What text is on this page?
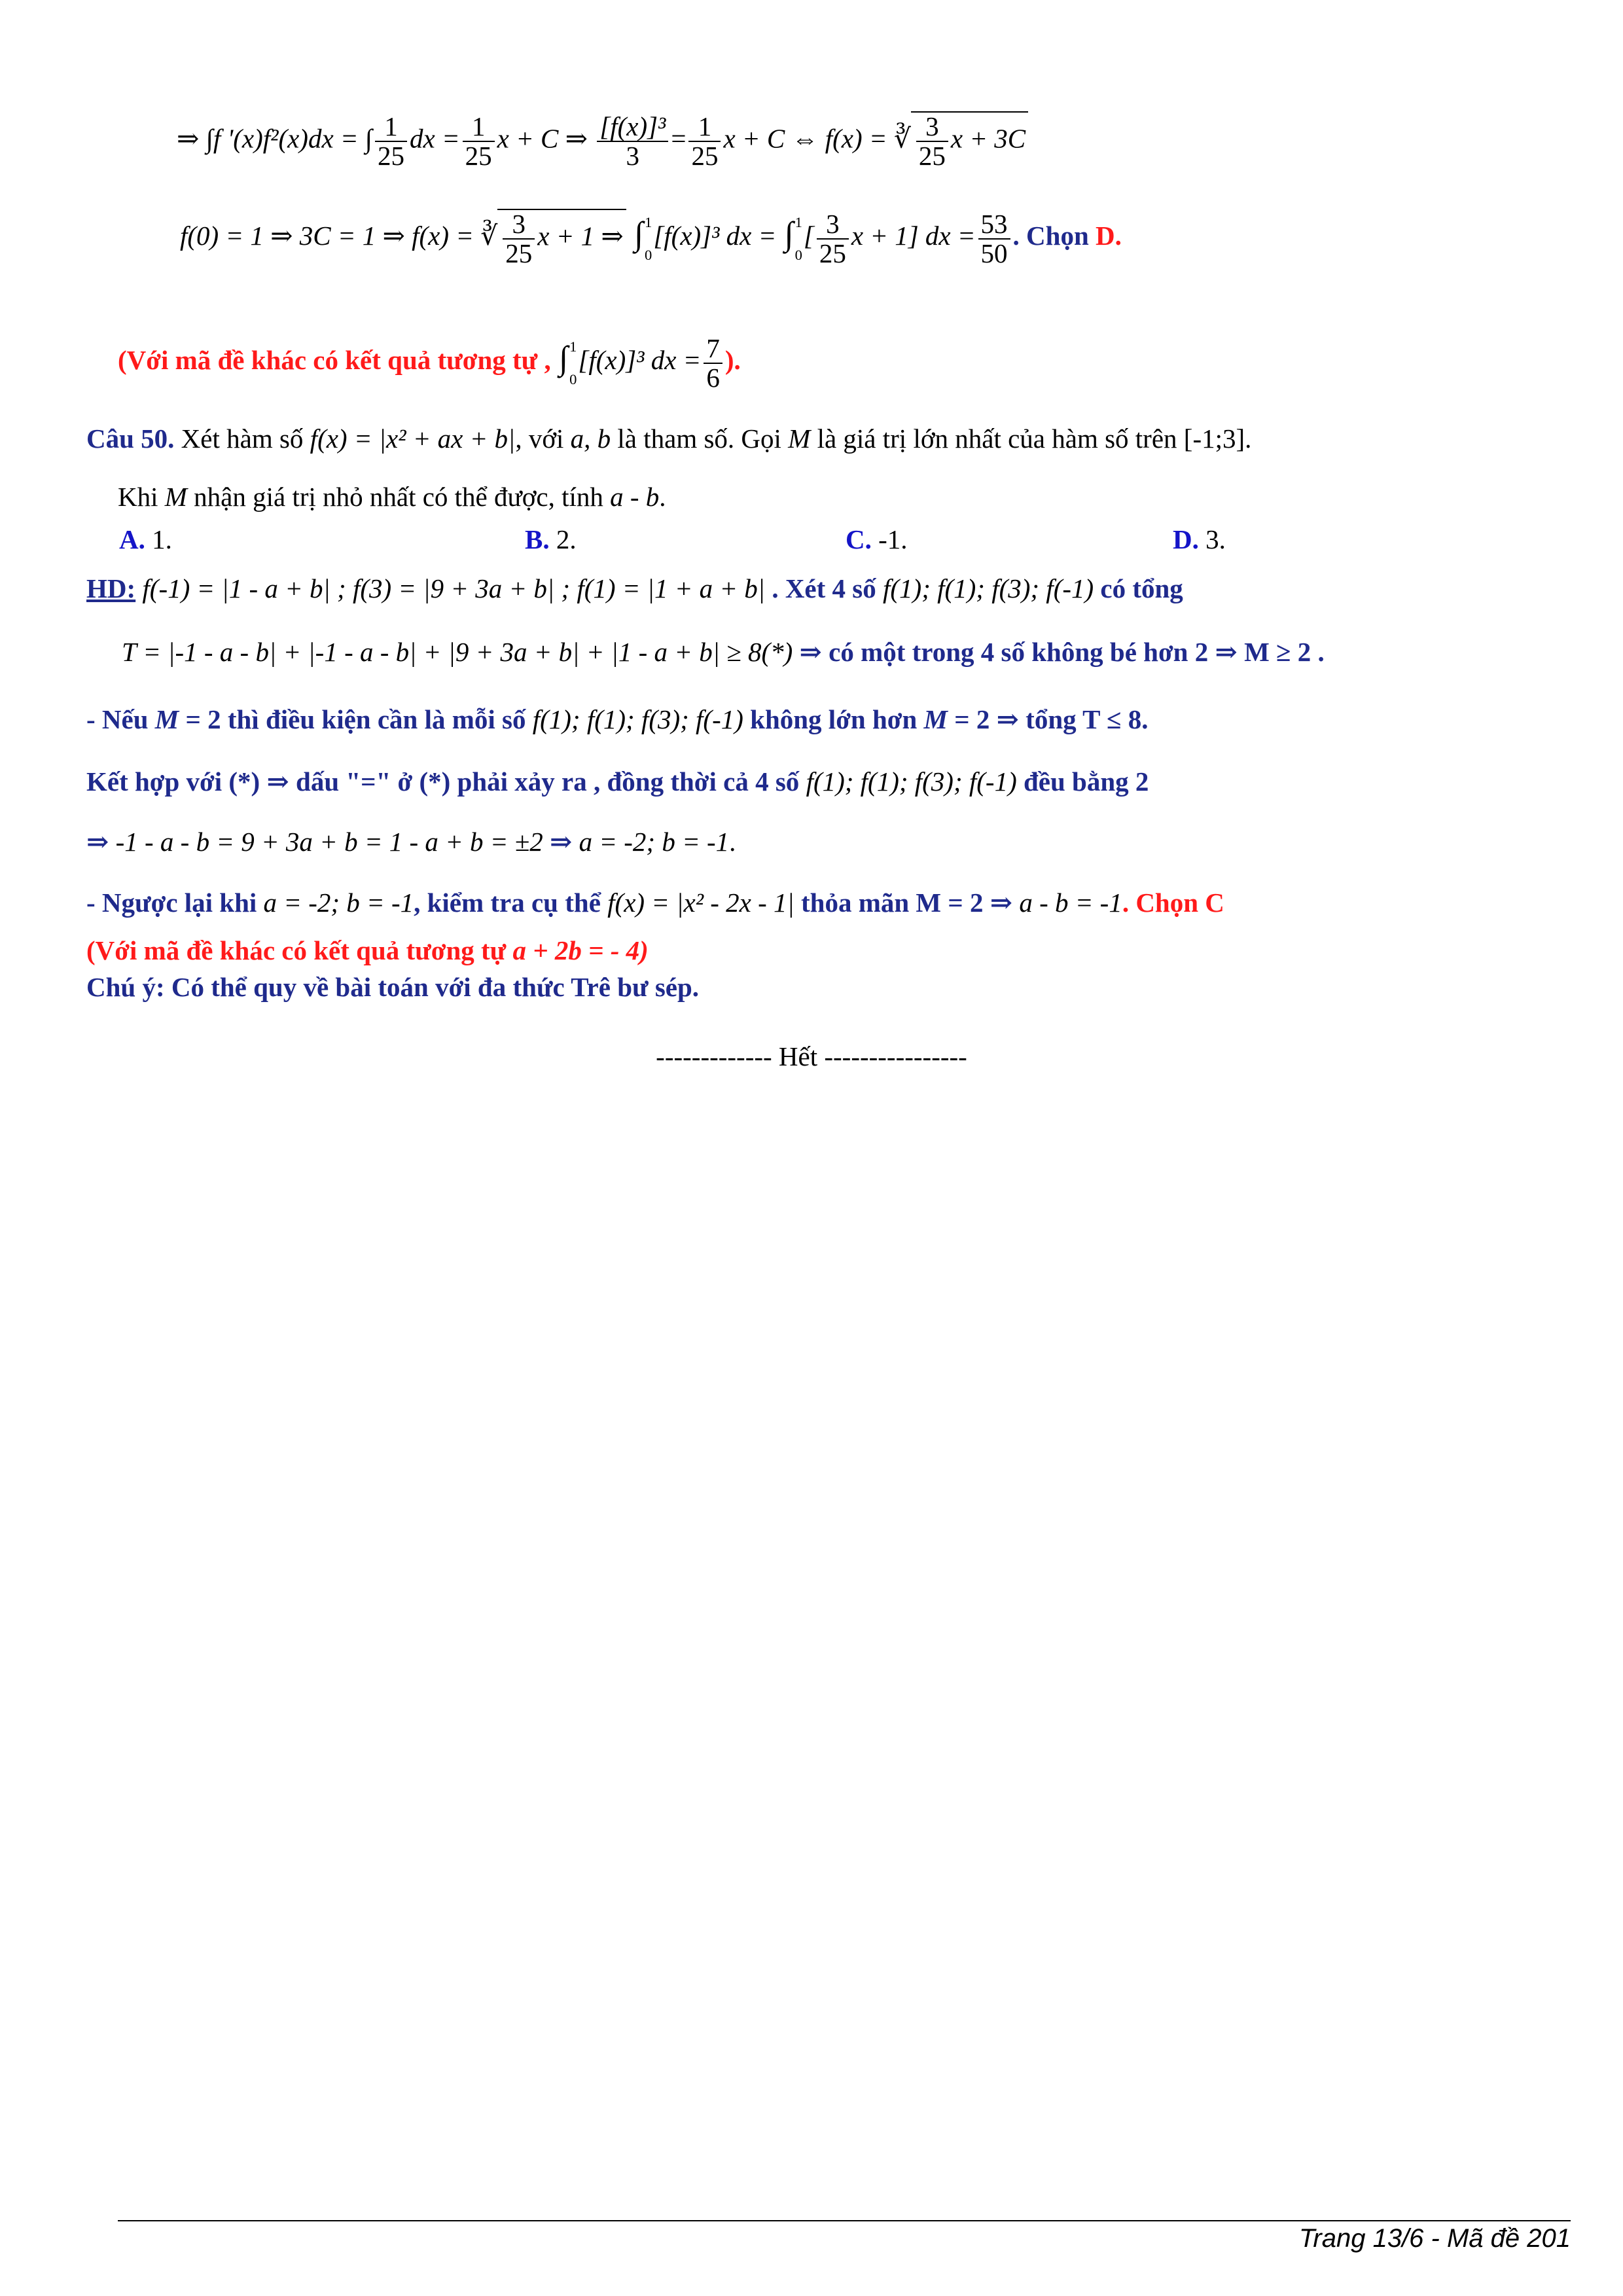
⇒ ∫f '(x)f²(x)dx = ∫ $\frac{1}{25}$ dx = $\frac{1}{25}$ x + C ⇒ $\frac{\text{[f(x)]³}}{3} = \frac{1}{25}$ x + C ⇔ f(x) = ∛ $\frac{3}{25}$ x + 3C
f(0) = 1 ⇒ 3C = 1 ⇒ f(x) = ∛ $\frac{3}{25}$ x + 1 ⇒ ∫ 1
0
[f(x)]³ dx = ∫ 1
0
[ $\frac{3}{25}$ x + 1] dx = $\frac{53}{50}$ . Chọn D.
(Với mã đề khác có kết quả tương tự , ∫ 1
0
[f(x)]³ dx = $\frac{7}{6}$ ).
Câu 50. Xét hàm số f(x) = |x² + ax + b|, với a, b là tham số. Gọi M là giá trị lớn nhất của hàm số trên [-1;3].
Khi M nhận giá trị nhỏ nhất có thể được, tính a - b.
A. 1.	B. 2.	C. -1.	D. 3.
HD: f(-1) = |1 - a + b| ; f(3) = |9 + 3a + b| ; f(1) = |1 + a + b| . Xét 4 số f(1); f(1); f(3); f(-1) có tổng
T = |-1 - a - b| + |-1 - a - b| + |9 + 3a + b| + |1 - a + b| ≥ 8(*) ⇒ có một trong 4 số không bé hơn 2 ⇒ M ≥ 2 .
- Nếu M = 2 thì điều kiện cần là mỗi số f(1); f(1); f(3); f(-1) không lớn hơn M = 2 ⇒ tổng T ≤ 8.
Kết hợp với (*) ⇒ dấu "=" ở (*) phải xảy ra , đồng thời cả 4 số f(1); f(1); f(3); f(-1) đều bằng 2
⇒ -1 - a - b = 9 + 3a + b = 1 - a + b = ±2 ⇒ a = -2; b = -1.
- Ngược lại khi a = -2; b = -1, kiểm tra cụ thể f(x) = |x² - 2x - 1| thỏa mãn M = 2 ⇒ a - b = -1. Chọn C
(Với mã đề khác có kết quả tương tự a + 2b = - 4)
Chú ý: Có thể quy về bài toán với đa thức Trê bư sép.
------------- Hết ----------------
Trang 13/6 - Mã đề 201
